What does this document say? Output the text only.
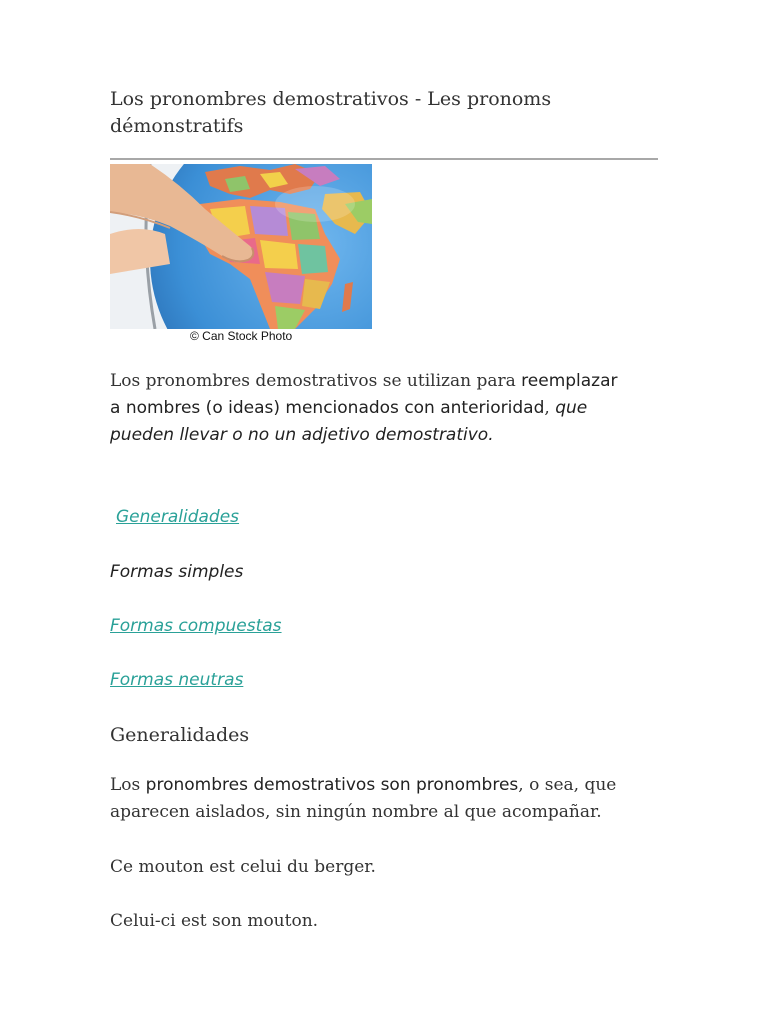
Los pronombres demostrativos - Les pronoms
démonstratifs
© Can Stock Photo

Los pronombres demostrativos se utilizan para reemplazar
a nombres (o ideas) mencionados con anterioridad, que
pueden llevar o no un adjetivo demostrativo.

Generalidades
Formas simples
Formas compuestas
Formas neutras
Generalidades

Los pronombres demostrativos son pronombres, o sea, que
aparecen aislados, sin ningún nombre al que acompañar.

Ce mouton est celui du berger.

Celui-ci est son mouton.
